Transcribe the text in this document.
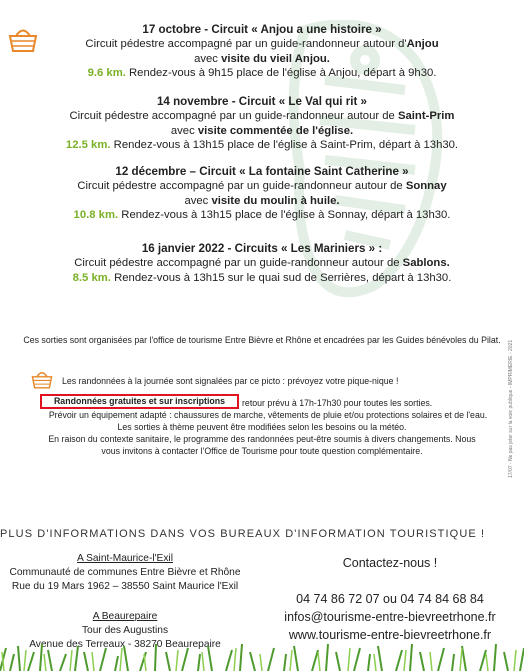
17 octobre - Circuit « Anjou a une histoire »
Circuit pédestre accompagné par un guide-randonneur autour d'Anjou
avec visite du vieil Anjou.
9.6 km. Rendez-vous à 9h15 place de l'église à Anjou, départ à 9h30.
14 novembre - Circuit « Le Val qui rit »
Circuit pédestre accompagné par un guide-randonneur autour de Saint-Prim
avec visite commentée de l'église.
12.5 km. Rendez-vous à 13h15 place de l'église à Saint-Prim, départ à 13h30.
12 décembre – Circuit « La fontaine Saint Catherine »
Circuit pédestre accompagné par un guide-randonneur autour de Sonnay
avec visite du moulin à huile.
10.8 km. Rendez-vous à 13h15 place de l'église à Sonnay, départ à 13h30.
16 janvier 2022 - Circuits « Les Mariniers » :
Circuit pédestre accompagné par un guide-randonneur autour de Sablons.
8.5 km. Rendez-vous à 13h15 sur le quai sud de Serrières, départ à 13h30.
Ces sorties sont organisées par l'office de tourisme Entre Bièvre et Rhône et encadrées par les Guides bénévoles du Pilat.
Les randonnées à la journée sont signalées par ce picto : prévoyez votre pique-nique !
Randonnées gratuites et sur inscriptions	retour prévu à 17h-17h30 pour toutes les sorties.
Prévoir un équipement adapté : chaussures de marche, vêtements de pluie et/ou protections solaires et de l'eau.
Les sorties à thème peuvent être modifiées selon les besoins ou la météo.
En raison du contexte sanitaire, le programme des randonnées peut-être soumis à divers changements. Nous
vous invitons à contacter l'Office de Tourisme pour toute question complémentaire.	17/07 - Ne pas jeter sur la voie publique - IMPRIMERIE - 2021
PLUS D'INFORMATIONS DANS VOS BUREAUX D'INFORMATION TOURISTIQUE !
A Saint-Maurice-l'Exil
Communauté de communes Entre Bièvre et Rhône
Rue du 19 Mars 1962 – 38550 Saint Maurice l'Exil
A Beaurepaire
Tour des Augustins
Avenue des Terreaux - 38270 Beaurepaire
Contactez-nous !
04 74 86 72 07 ou 04 74 84 68 84
infos@tourisme-entre-bievreetrhone.fr
www.tourisme-entre-bievreetrhone.fr
